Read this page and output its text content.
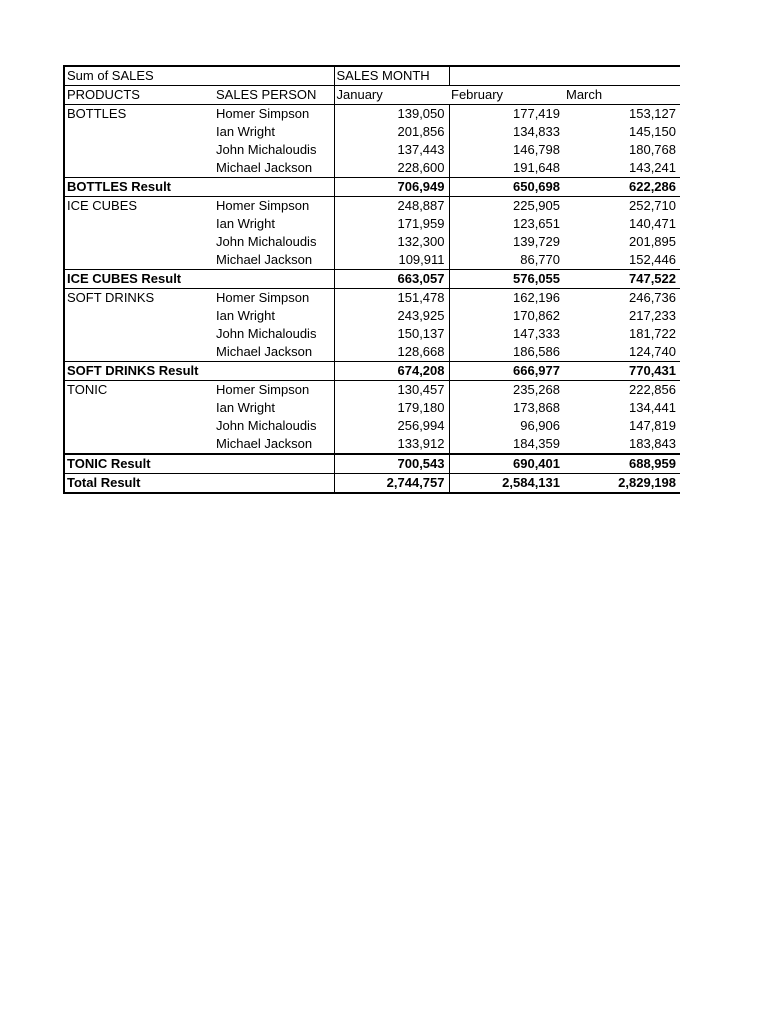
Sum of SALES		SALES MONTH		
PRODUCTS	SALES PERSON	January	February	March
BOTTLES	Homer Simpson	139,050	177,419	153,127
	Ian Wright	201,856	134,833	145,150
	John Michaloudis	137,443	146,798	180,768
	Michael Jackson	228,600	191,648	143,241
BOTTLES Result		706,949	650,698	622,286
ICE CUBES	Homer Simpson	248,887	225,905	252,710
	Ian Wright	171,959	123,651	140,471
	John Michaloudis	132,300	139,729	201,895
	Michael Jackson	109,911	86,770	152,446
ICE CUBES Result		663,057	576,055	747,522
SOFT DRINKS	Homer Simpson	151,478	162,196	246,736
	Ian Wright	243,925	170,862	217,233
	John Michaloudis	150,137	147,333	181,722
	Michael Jackson	128,668	186,586	124,740
SOFT DRINKS Result		674,208	666,977	770,431
TONIC	Homer Simpson	130,457	235,268	222,856
	Ian Wright	179,180	173,868	134,441
	John Michaloudis	256,994	96,906	147,819
	Michael Jackson	133,912	184,359	183,843
TONIC Result		700,543	690,401	688,959
Total Result		2,744,757	2,584,131	2,829,198
